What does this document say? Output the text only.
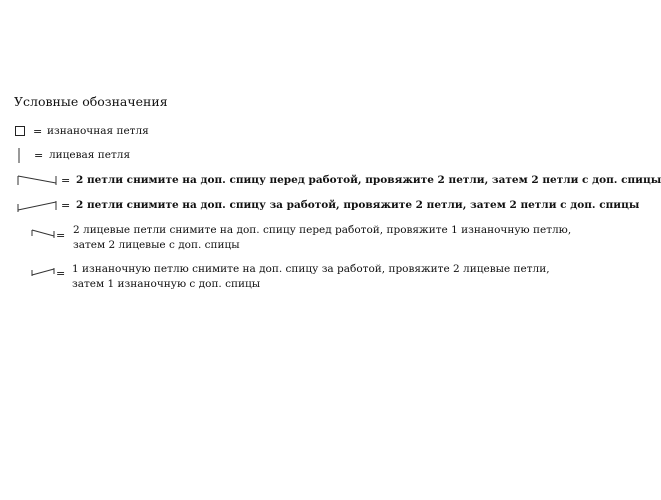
Условные обозначения
= изнаночная петля
= лицевая петля
= 2 петли снимите на доп. спицу перед работой, провяжите 2 петли, затем 2 петли с доп. спицы
= 2 петли снимите на доп. спицу за работой, провяжите 2 петли, затем 2 петли с доп. спицы
= 2 лицевые петли снимите на доп. спицу перед работой, провяжите 1 изнаночную петлю,
затем 2 лицевые с доп. спицы
= 1 изнаночную петлю снимите на доп. спицу за работой, провяжите 2 лицевые петли,
затем 1 изнаночную с доп. спицы
